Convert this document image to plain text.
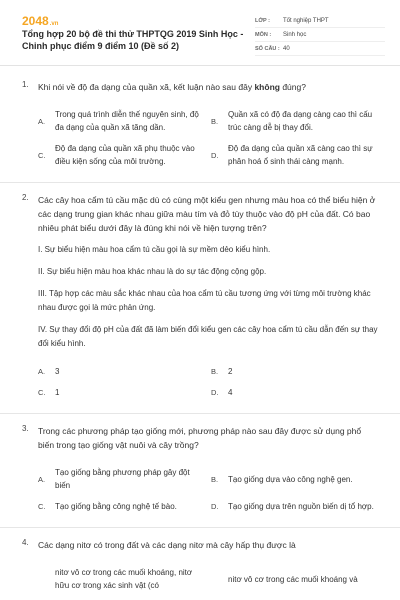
2048.vn
Tổng hợp 20 bộ đề thi thử THPTQG 2019 Sinh Học - Chinh phục điểm 9 điểm 10 (Đề số 2)
LỚP :	Tốt nghiệp THPT
MÔN :	Sinh học
SỐ CÂU : 40
1. Khi nói về độ đa dạng của quần xã, kết luận nào sau đây không đúng?
A.
Trong quá trình diễn thế nguyên sinh, độ đa dạng của quần xã tăng dần.
B.
Quần xã có độ đa dạng càng cao thì cấu trúc càng dễ bị thay đổi.
C.
Độ đa dạng của quần xã phụ thuộc vào điều kiện sống của môi trường.
D.
Độ đa dạng của quần xã càng cao thì sự phân hoá ổ sinh thái càng mạnh.
2. Các cây hoa cẩm tú cầu mặc dù có cùng một kiểu gen nhưng màu hoa có thể biểu hiện ở các dạng trung gian khác nhau giữa màu tím và đỏ tùy thuộc vào độ pH của đất. Có bao nhiêu phát biểu dưới đây là đúng khi nói về hiện tượng trên?
I. Sự biểu hiện màu hoa cẩm tú cầu gọi là sự mềm dẻo kiểu hình.
II. Sự biểu hiện màu hoa khác nhau là do sự tác động cộng gộp.
III. Tập hợp các màu sắc khác nhau của hoa cẩm tú cầu tương ứng với từng môi trường khác nhau được gọi là mức phản ứng.
IV. Sự thay đổi độ pH của đất đã làm biến đổi kiểu gen các cây hoa cẩm tú cầu dẫn đến sự thay đổi kiểu hình.
A.	3	B.	2
C.	1	D.	4
3. Trong các phương pháp tạo giống mới, phương pháp nào sau đây được sử dụng phổ biến trong tạo giống vật nuôi và cây trồng?
A.
Tạo giống bằng phương pháp gây đột biến
B.	Tạo giống dựa vào công nghệ gen.
C.	Tạo giống bằng công nghệ tế bào.	D.	Tạo giống dựa trên nguồn biến dị tổ hợp.
4. Các dạng nitơ có trong đất và các dạng nitơ mà cây hấp thụ được là
nitơ vô cơ trong các muối khoáng, nitơ hữu cơ trong xác sinh vật (có
nitơ vô cơ trong các muối khoáng và
